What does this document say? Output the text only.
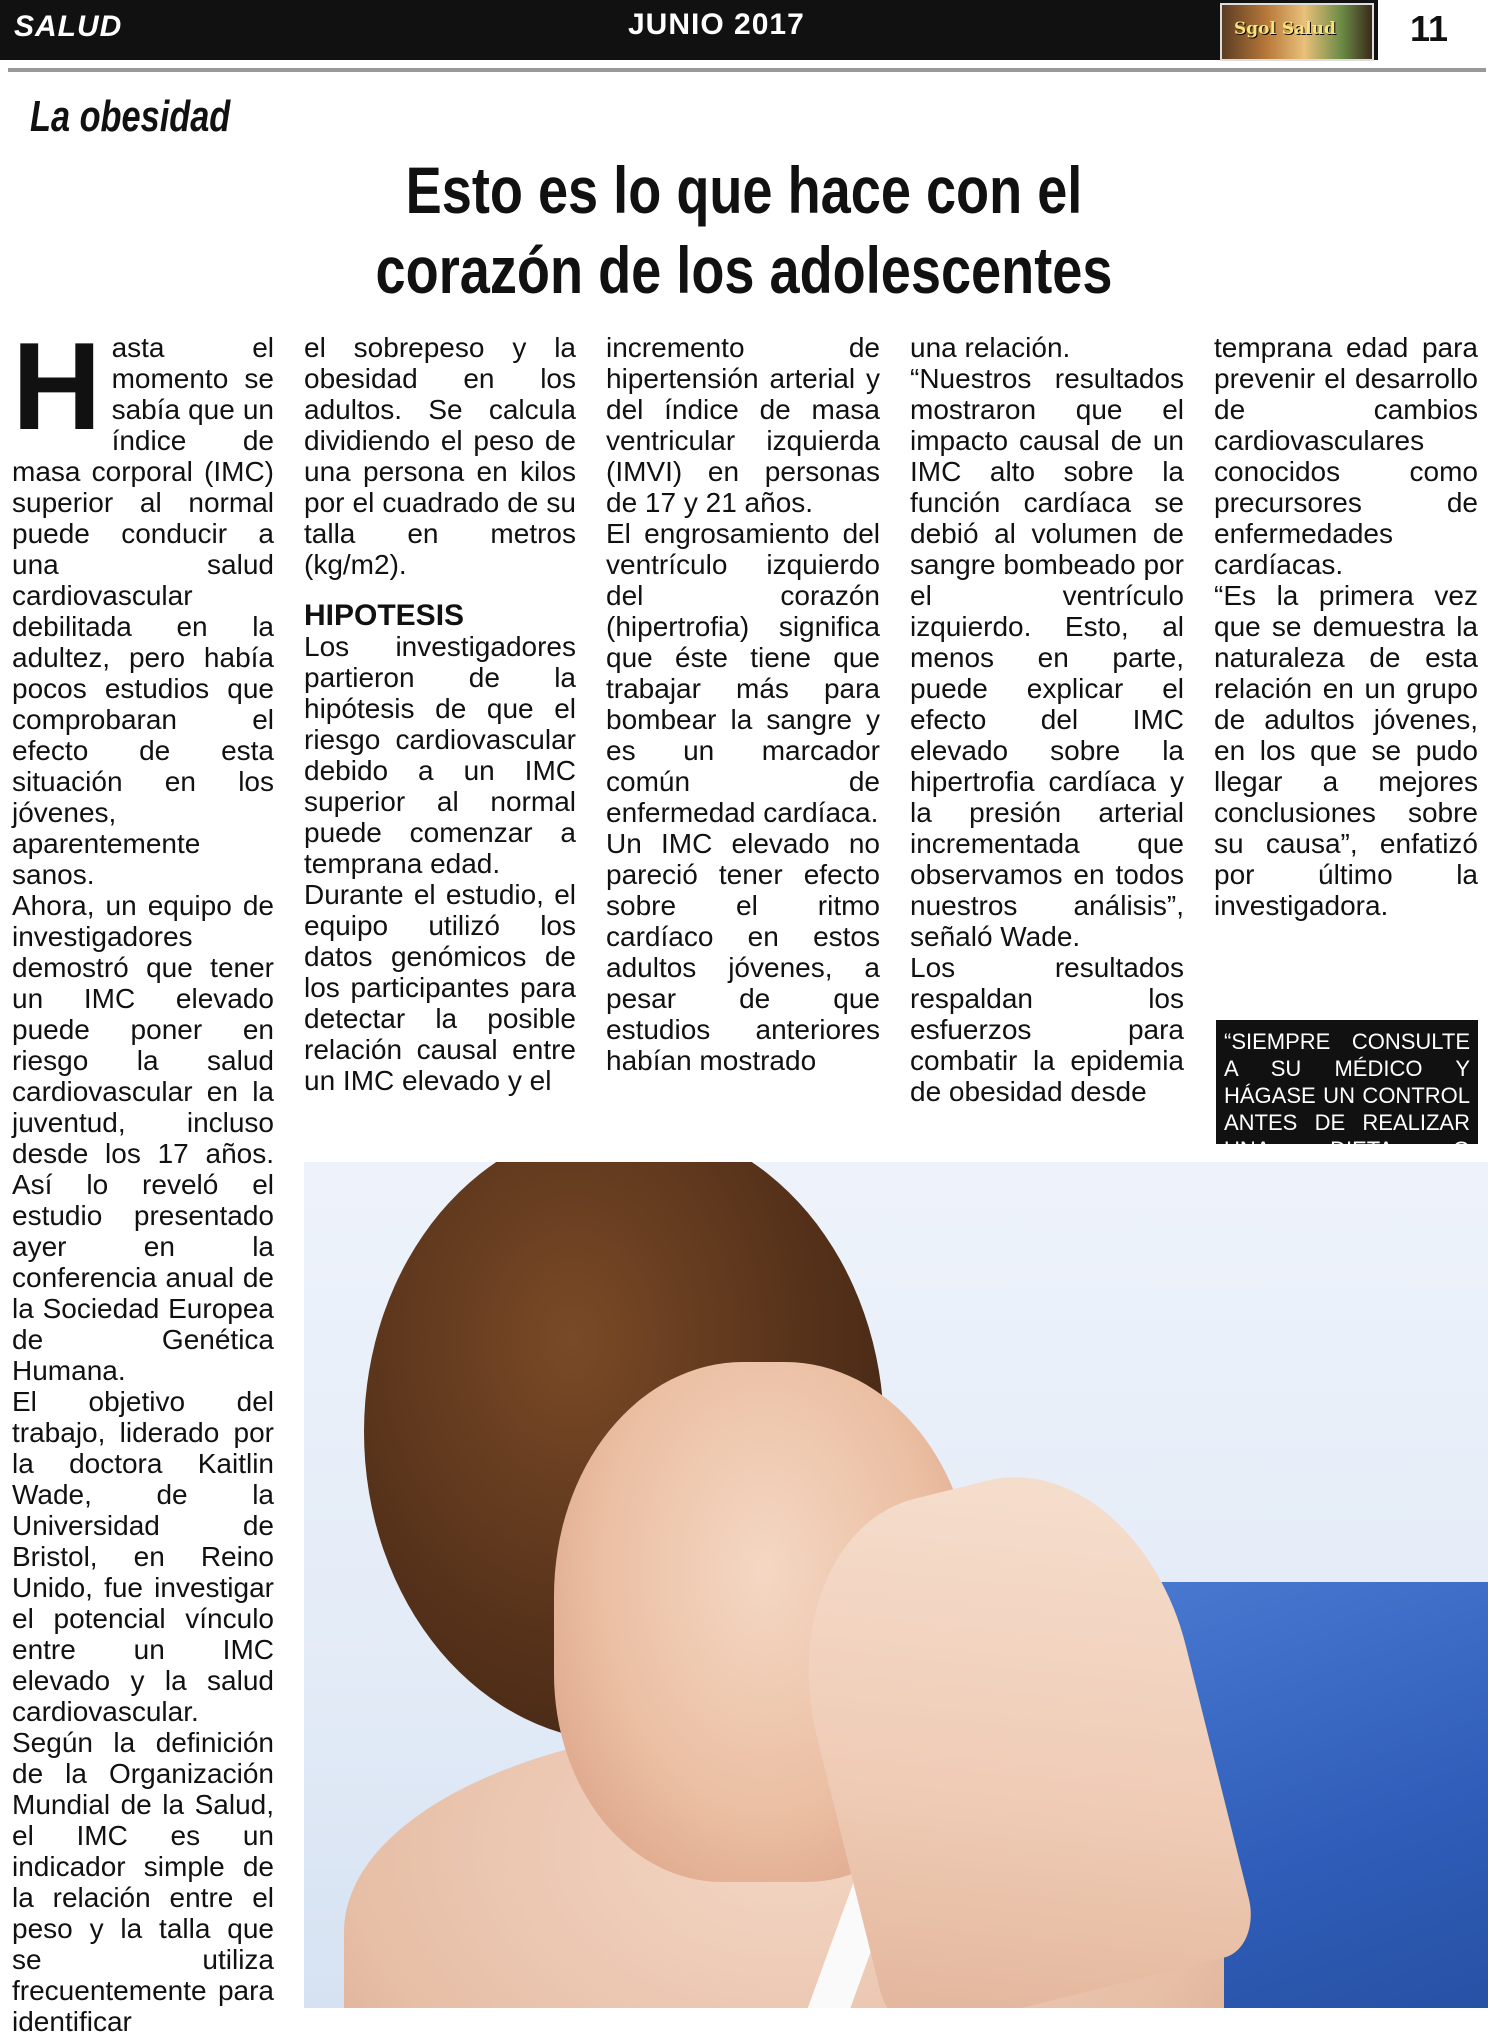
SALUD	JUNIO 2017	Sgol Salud 11
La obesidad
Esto es lo que hace con el
corazón de los adolescentes
H asta el momento se sabía que un índice de masa corporal (IMC) superior al normal puede conducir a una salud cardiovascular debilitada en la adultez, pero había pocos estudios que comprobaran el efecto de esta situación en los jóvenes, aparentemente sanos.

Ahora, un equipo de investigadores demostró que tener un IMC elevado puede poner en riesgo la salud cardiovascular en la juventud, incluso desde los 17 años. Así lo reveló el estudio presentado ayer en la conferencia anual de la Sociedad Europea de Genética Humana.

El objetivo del trabajo, liderado por la doctora Kaitlin Wade, de la Universidad de Bristol, en Reino Unido, fue investigar el potencial vínculo entre un IMC elevado y la salud cardiovascular.

Según la definición de la Organización Mundial de la Salud, el IMC es un indicador simple de la relación entre el peso y la talla que se utiliza frecuentemente para identificar

el sobrepeso y la obesidad en los adultos. Se calcula dividiendo el peso de una persona en kilos por el cuadrado de su talla en metros (kg/m2).

HIPOTESIS

Los investigadores partieron de la hipótesis de que el riesgo cardiovascular debido a un IMC superior al normal puede comenzar a temprana edad.

Durante el estudio, el equipo utilizó los datos genómicos de los participantes para detectar la posible relación causal entre un IMC elevado y el

incremento de hipertensión arterial y del índice de masa ventricular izquierda (IMVI) en personas de 17 y 21 años.

El engrosamiento del ventrículo izquierdo del corazón (hipertrofia) significa que éste tiene que trabajar más para bombear la sangre y es un marcador común de enfermedad cardíaca.

Un IMC elevado no pareció tener efecto sobre el ritmo cardíaco en estos adultos jóvenes, a pesar de que estudios anteriores habían mostrado

una relación.

“Nuestros resultados mostraron que el impacto causal de un IMC alto sobre la función cardíaca se debió al volumen de sangre bombeado por el ventrículo izquierdo. Esto, al menos en parte, puede explicar el efecto del IMC elevado sobre la hipertrofia cardíaca y la presión arterial incrementada que observamos en todos nuestros análisis”, señaló Wade.

Los resultados respaldan los esfuerzos para combatir la epidemia de obesidad desde

temprana edad para prevenir el desarrollo de cambios cardiovasculares conocidos como precursores de enfermedades cardíacas.

“Es la primera vez que se demuestra la naturaleza de esta relación en un grupo de adultos jóvenes, en los que se pudo llegar a mejores conclusiones sobre su causa”, enfatizó por último la investigadora.

“SIEMPRE CONSULTE A SU MÉDICO Y HÁGASE UN CONTROL ANTES DE REALIZAR UNA DIETA O
